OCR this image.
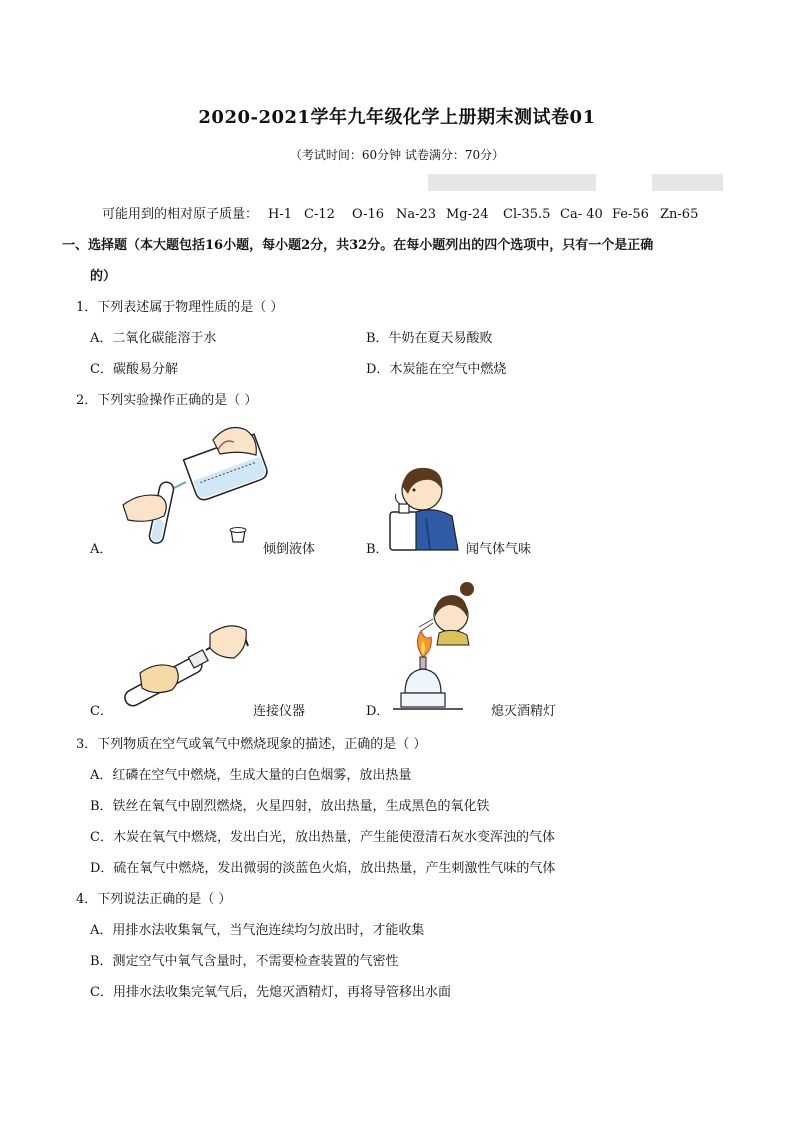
2020-2021学年九年级化学上册期末测试卷01
（考试时间：60分钟 试卷满分：70分）
可能用到的相对原子质量： H-1 C-12 O-16 Na-23 Mg-24 Cl-35.5 Ca- 40 Fe-56 Zn-65
一、选择题（本大题包括16小题，每小题2分，共32分。在每小题列出的四个选项中，只有一个是正确
的）
1．下列表述属于物理性质的是（ ）
A．二氧化碳能溶于水	B．牛奶在夏天易酸败
C．碳酸易分解	D．木炭能在空气中燃烧
2．下列实验操作正确的是（ ）
A．	倾倒液体	B．	闻气体气味
C．	连接仪器	D．	熄灭酒精灯
3．下列物质在空气或氧气中燃烧现象的描述，正确的是（ ）
A．红磷在空气中燃烧，生成大量的白色烟雾，放出热量
B．铁丝在氧气中剧烈燃烧，火星四射，放出热量，生成黑色的氧化铁
C．木炭在氧气中燃烧，发出白光，放出热量，产生能使澄清石灰水变浑浊的气体
D．硫在氧气中燃烧，发出微弱的淡蓝色火焰，放出热量，产生刺激性气味的气体
4．下列说法正确的是（ ）
A．用排水法收集氧气，当气泡连续均匀放出时，才能收集
B．测定空气中氧气含量时，不需要检查装置的气密性
C．用排水法收集完氧气后，先熄灭酒精灯，再将导管移出水面
